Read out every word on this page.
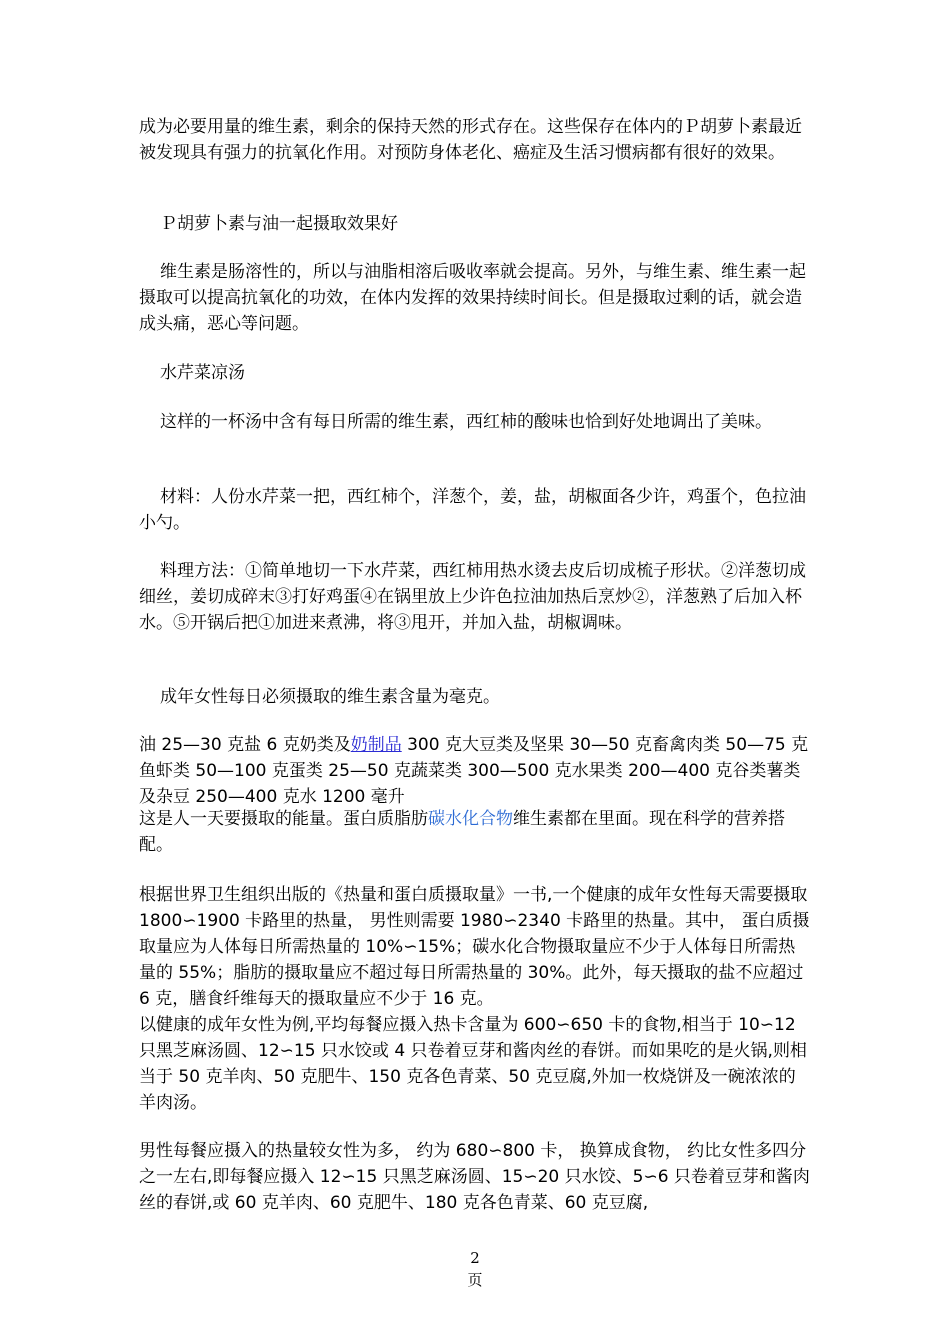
成为必要用量的维生素，剩余的保持天然的形式存在。这些保存在体内的Ｐ胡萝卜素最近被发现具有强力的抗氧化作用。对预防身体老化、癌症及生活习惯病都有很好的效果。

Ｐ胡萝卜素与油一起摄取效果好

维生素是肠溶性的，所以与油脂相溶后吸收率就会提高。另外，与维生素、维生素一起摄取可以提高抗氧化的功效，在体内发挥的效果持续时间长。但是摄取过剩的话，就会造成头痛，恶心等问题。

水芹菜凉汤

这样的一杯汤中含有每日所需的维生素，西红柿的酸味也恰到好处地调出了美味。

材料：人份水芹菜一把，西红柿个，洋葱个，姜，盐，胡椒面各少许，鸡蛋个，色拉油小勺。

料理方法：①简单地切一下水芹菜，西红柿用热水烫去皮后切成梳子形状。②洋葱切成细丝，姜切成碎末③打好鸡蛋④在锅里放上少许色拉油加热后烹炒②，洋葱熟了后加入杯水。⑤开锅后把①加进来煮沸，将③甩开，并加入盐，胡椒调味。

成年女性每日必须摄取的维生素含量为毫克。

油 25—30 克盐 6 克奶类及奶制品 300 克大豆类及坚果 30—50 克畜禽肉类 50—75 克鱼虾类 50—100 克蛋类 25—50 克蔬菜类 300—500 克水果类 200—400 克谷类薯类及杂豆 250—400 克水 1200 毫升

这是人一天要摄取的能量。蛋白质脂肪碳水化合物维生素都在里面。现在科学的营养搭配。

根据世界卫生组织出版的《热量和蛋白质摄取量》一书,一个健康的成年女性每天需要摄取 1800∽1900 卡路里的热量， 男性则需要 1980∽2340 卡路里的热量。其中， 蛋白质摄取量应为人体每日所需热量的 10%∽15%；碳水化合物摄取量应不少于人体每日所需热量的 55%；脂肪的摄取量应不超过每日所需热量的 30%。此外，每天摄取的盐不应超过 6 克，膳食纤维每天的摄取量应不少于 16 克。

以健康的成年女性为例,平均每餐应摄入热卡含量为 600∽650 卡的食物,相当于 10∽12 只黑芝麻汤圆、12∽15 只水饺或 4 只卷着豆芽和酱肉丝的春饼。而如果吃的是火锅,则相当于 50 克羊肉、50 克肥牛、150 克各色青菜、50 克豆腐,外加一枚烧饼及一碗浓浓的羊肉汤。

男性每餐应摄入的热量较女性为多， 约为 680∽800 卡， 换算成食物， 约比女性多四分之一左右,即每餐应摄入 12∽15 只黑芝麻汤圆、15∽20 只水饺、5∽6 只卷着豆芽和酱肉丝的春饼,或 60 克羊肉、60 克肥牛、180 克各色青菜、60 克豆腐,

2
页
